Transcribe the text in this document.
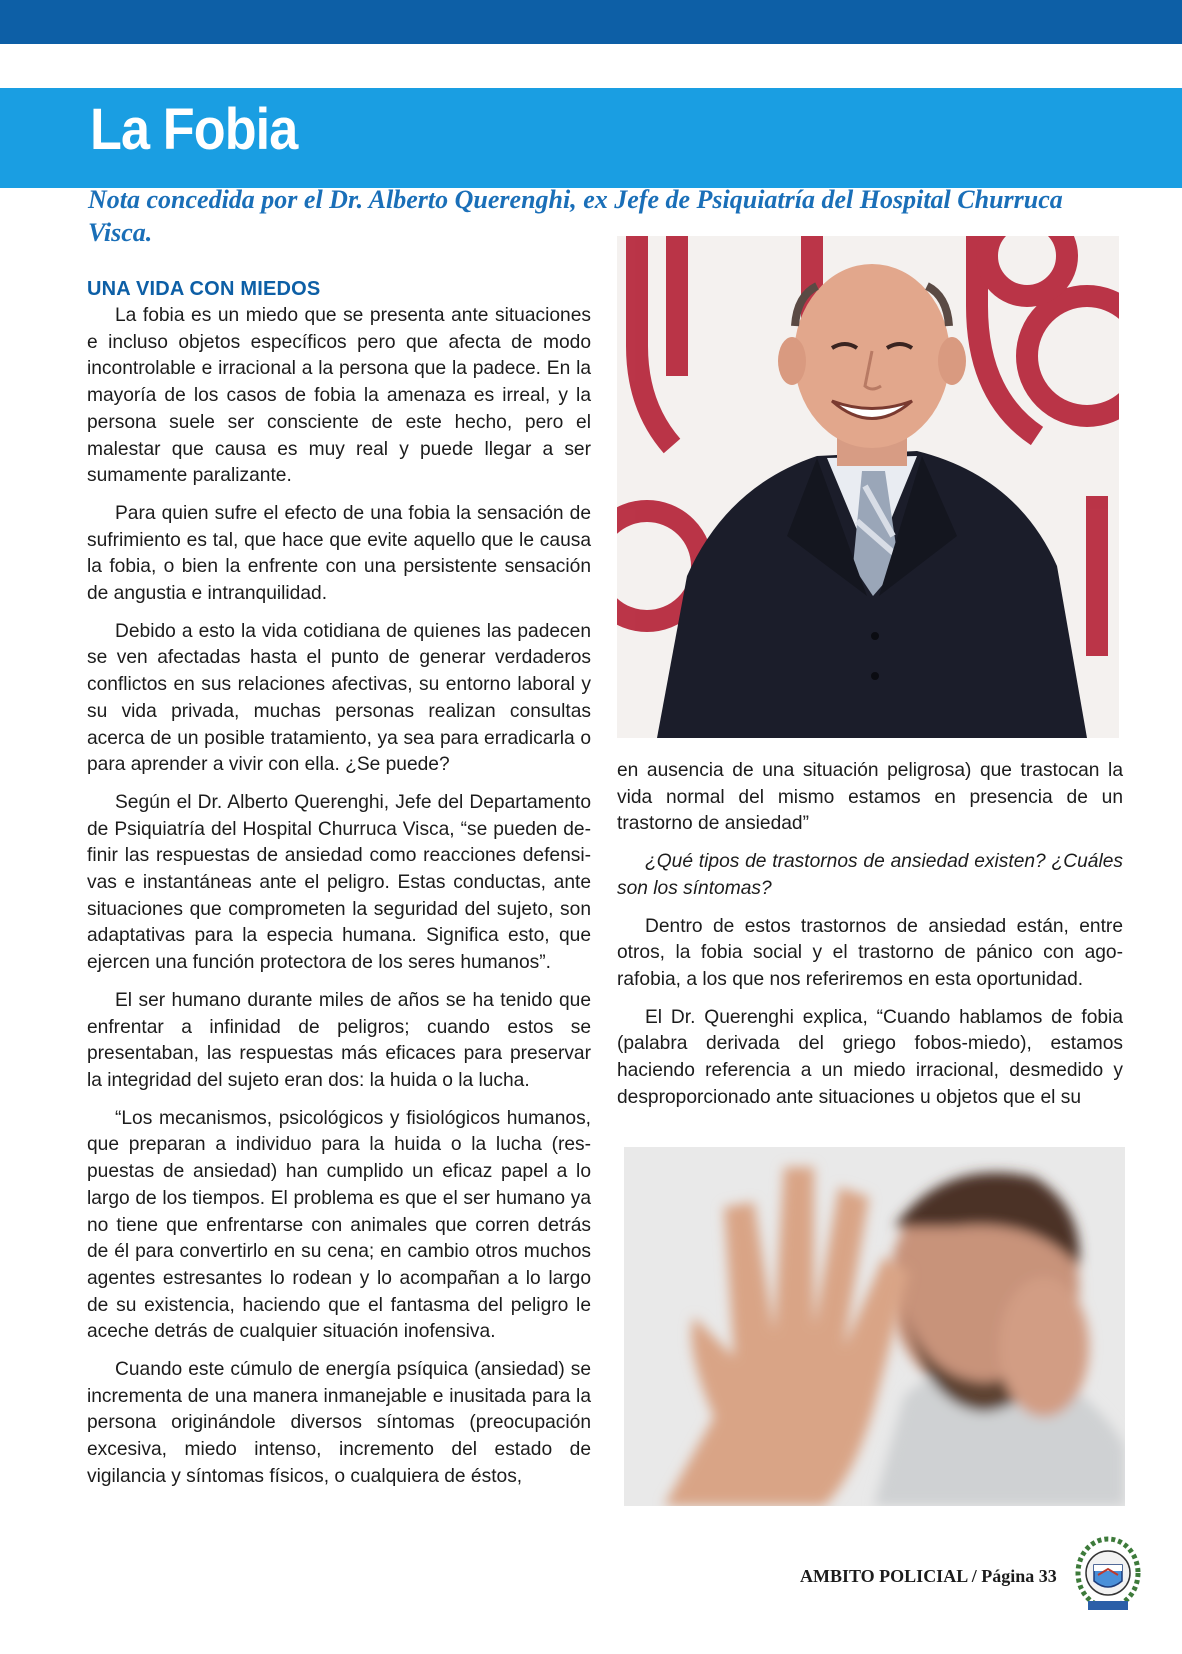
La Fobia

Nota concedida por el Dr. Alberto Querenghi, ex Jefe de Psiquiatría del Hospital Churruca Visca.

UNA VIDA CON MIEDOS

La fobia es un miedo que se presenta ante situaciones e incluso objetos específicos pero que afecta de modo incontrolable e irracional a la persona que la padece. En la mayoría de los casos de fobia la amenaza es irreal, y la persona suele ser consciente de este hecho, pero el malestar que causa es muy real y puede llegar a ser sumamente paralizante.

Para quien sufre el efecto de una fobia la sensación de sufrimiento es tal, que hace que evite aquello que le causa la fobia, o bien la enfrente con una persistente sensación de angustia e intranquilidad.

Debido a esto la vida cotidiana de quienes las padecen se ven afectadas hasta el punto de generar verdaderos conflictos en sus relaciones afectivas, su entorno laboral y su vida privada, muchas personas realizan consultas acerca de un posible tratamiento, ya sea para erradicarla o para aprender a vivir con ella. ¿Se puede?

Según el Dr. Alberto Querenghi, Jefe del Departamento de Psiquiatría del Hospital Churruca Visca, “se pueden definir las respuestas de ansiedad como reacciones defensivas e instantáneas ante el peligro. Estas conductas, ante situaciones que comprometen la seguridad del sujeto, son adaptativas para la especia humana. Significa esto, que ejercen una función protectora de los seres humanos”.

El ser humano durante miles de años se ha tenido que enfrentar a infinidad de peligros; cuando estos se presentaban, las respuestas más eficaces para preservar la integridad del sujeto eran dos: la huida o la lucha.

“Los mecanismos, psicológicos y fisiológicos humanos, que preparan a individuo para la huida o la lucha (respuestas de ansiedad) han cumplido un eficaz papel a lo largo de los tiempos. El problema es que el ser humano ya no tiene que enfrentarse con animales que corren detrás de él para convertirlo en su cena; en cambio otros muchos agentes estresantes lo rodean y lo acompañan a lo largo de su existencia, haciendo que el fantasma del peligro le aceche detrás de cualquier situación inofensiva.

Cuando este cúmulo de energía psíquica (ansiedad) se incrementa de una manera inmanejable e inusitada para la persona originándole diversos síntomas (preocupación excesiva, miedo intenso, incremento del estado de vigilancia y síntomas físicos, o cualquiera de éstos,

en ausencia de una situación peligrosa) que trastocan la vida normal del mismo estamos en presencia de un trastorno de ansiedad”

¿Qué tipos de trastornos de ansiedad existen? ¿Cuáles son los síntomas?

Dentro de estos trastornos de ansiedad están, entre otros, la fobia social y el trastorno de pánico con agorafobia, a los que nos referiremos en esta oportunidad.

El Dr. Querenghi explica, “Cuando hablamos de fobia (palabra derivada del griego fobos-miedo), estamos haciendo referencia a un miedo irracional, desmedido y desproporcionado ante situaciones u objetos que el su

AMBITO POLICIAL / Página 33
